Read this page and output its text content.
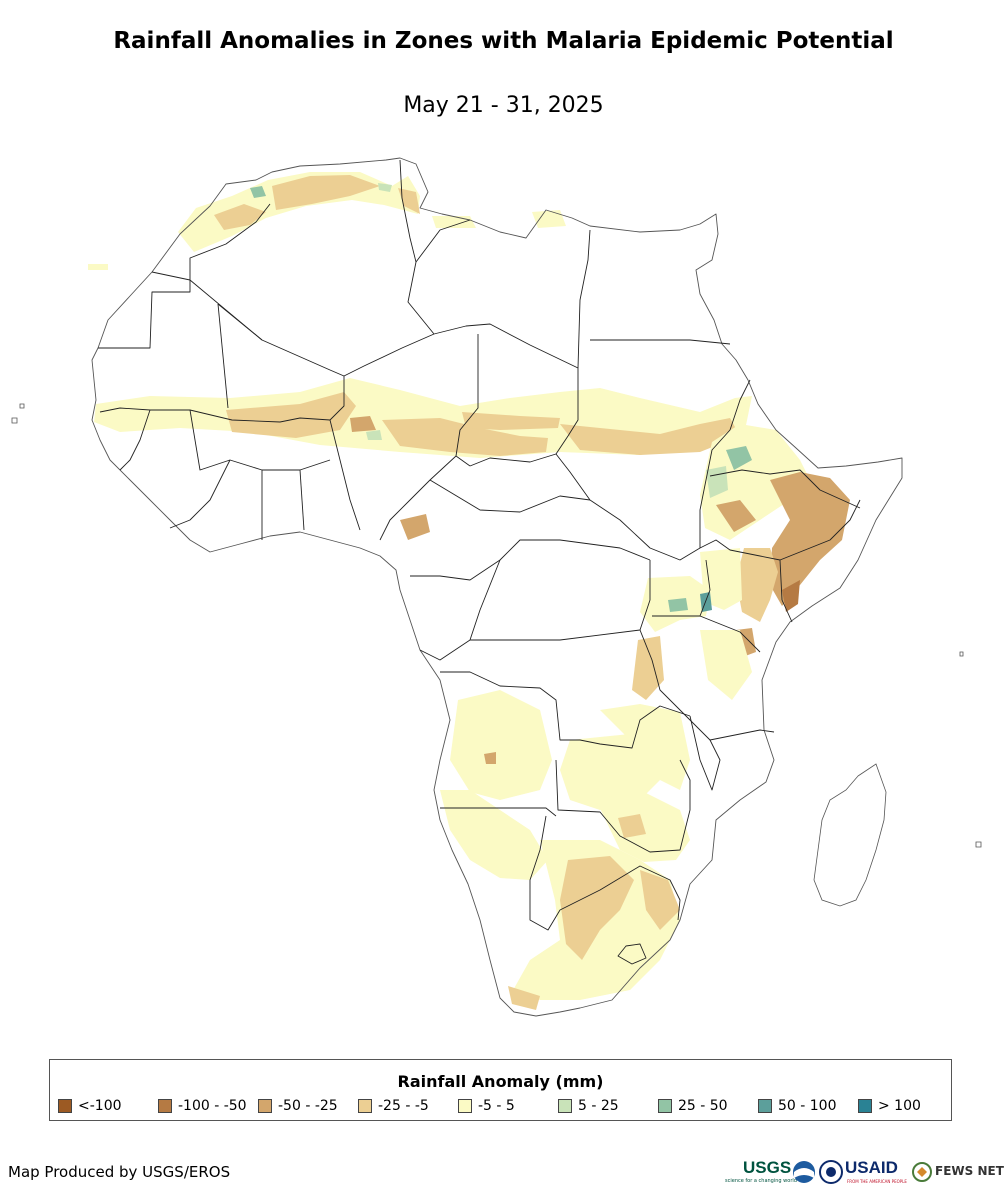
Rainfall Anomalies in Zones with Malaria Epidemic Potential
May 21 - 31, 2025
Rainfall Anomaly (mm)
<-100	-100 - -50 -50 - -25	-25 - -5	-5 - 5	5 - 25	25 - 50	50 - 100	> 100
Map Produced by USGS/EROS	USGS
science for a changing world
USAID
FROM THE AMERICAN PEOPLE
FEWS NET
